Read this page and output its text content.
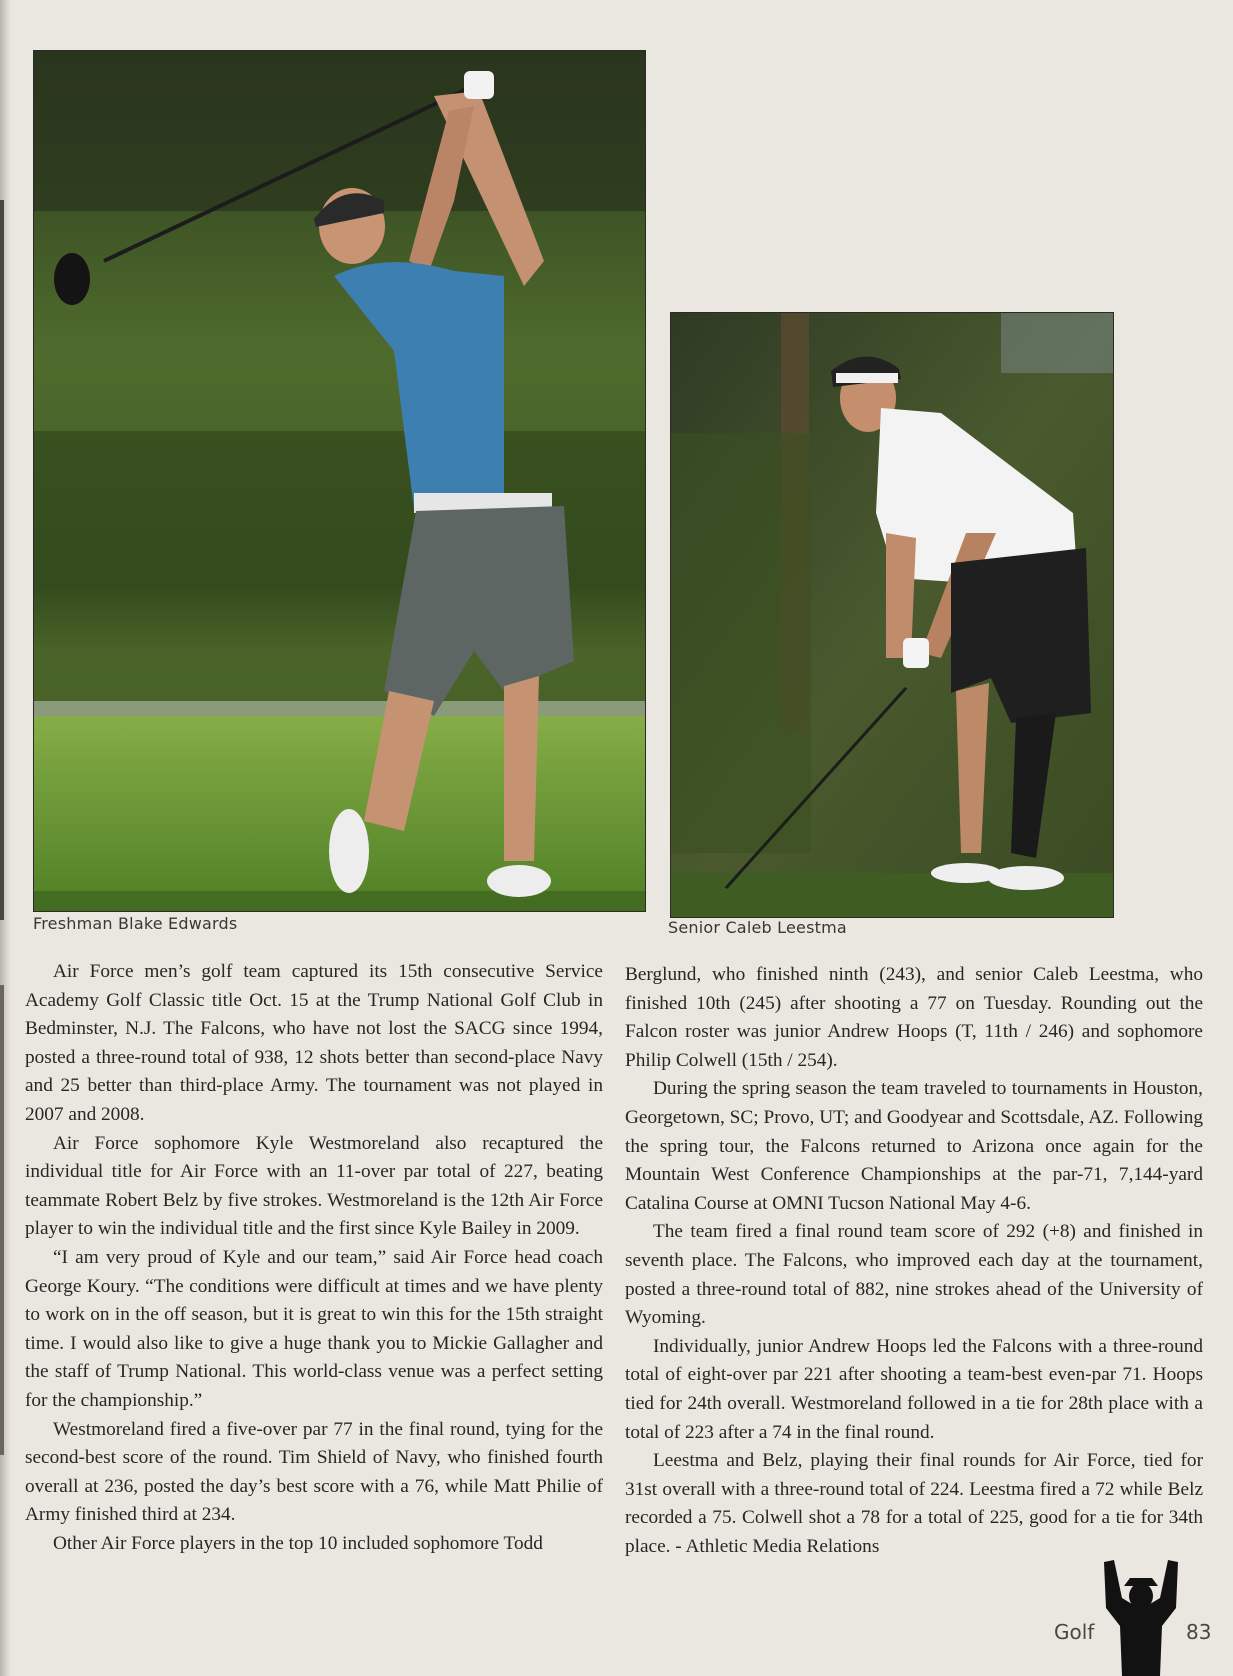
Freshman Blake Edwards	Senior Caleb Leestma

Air Force men’s golf team captured its 15th consecutive Service Academy Golf Classic title Oct. 15 at the Trump National Golf Club in Bedminster, N.J. The Falcons, who have not lost the SACG since 1994, posted a three-round total of 938, 12 shots better than second-place Navy and 25 better than third-place Army. The tournament was not played in 2007 and 2008.

Air Force sophomore Kyle Westmoreland also recaptured the individual title for Air Force with an 11-over par total of 227, beating teammate Robert Belz by five strokes. Westmoreland is the 12th Air Force player to win the individual title and the first since Kyle Bailey in 2009.

“I am very proud of Kyle and our team,” said Air Force head coach George Koury. “The conditions were difficult at times and we have plenty to work on in the off season, but it is great to win this for the 15th straight time. I would also like to give a huge thank you to Mickie Gallagher and the staff of Trump National. This world-class venue was a perfect setting for the championship.”

Westmoreland fired a five-over par 77 in the final round, tying for the second-best score of the round. Tim Shield of Navy, who finished fourth overall at 236, posted the day’s best score with a 76, while Matt Philie of Army finished third at 234.

Other Air Force players in the top 10 included sophomore Todd

Berglund, who finished ninth (243), and senior Caleb Leestma, who finished 10th (245) after shooting a 77 on Tuesday. Rounding out the Falcon roster was junior Andrew Hoops (T, 11th / 246) and sophomore Philip Colwell (15th / 254).

During the spring season the team traveled to tournaments in Houston, Georgetown, SC; Provo, UT; and Goodyear and Scottsdale, AZ. Following the spring tour, the Falcons returned to Arizona once again for the Mountain West Conference Championships at the par-71, 7,144-yard Catalina Course at OMNI Tucson National May 4-6.

The team fired a final round team score of 292 (+8) and finished in seventh place. The Falcons, who improved each day at the tournament, posted a three-round total of 882, nine strokes ahead of the University of Wyoming.

Individually, junior Andrew Hoops led the Falcons with a three-round total of eight-over par 221 after shooting a team-best even-par 71. Hoops tied for 24th overall. Westmoreland followed in a tie for 28th place with a total of 223 after a 74 in the final round.

Leestma and Belz, playing their final rounds for Air Force, tied for 31st overall with a three-round total of 224. Leestma fired a 72 while Belz recorded a 75. Colwell shot a 78 for a total of 225, good for a tie for 34th place. - Athletic Media Relations

Golf	83
